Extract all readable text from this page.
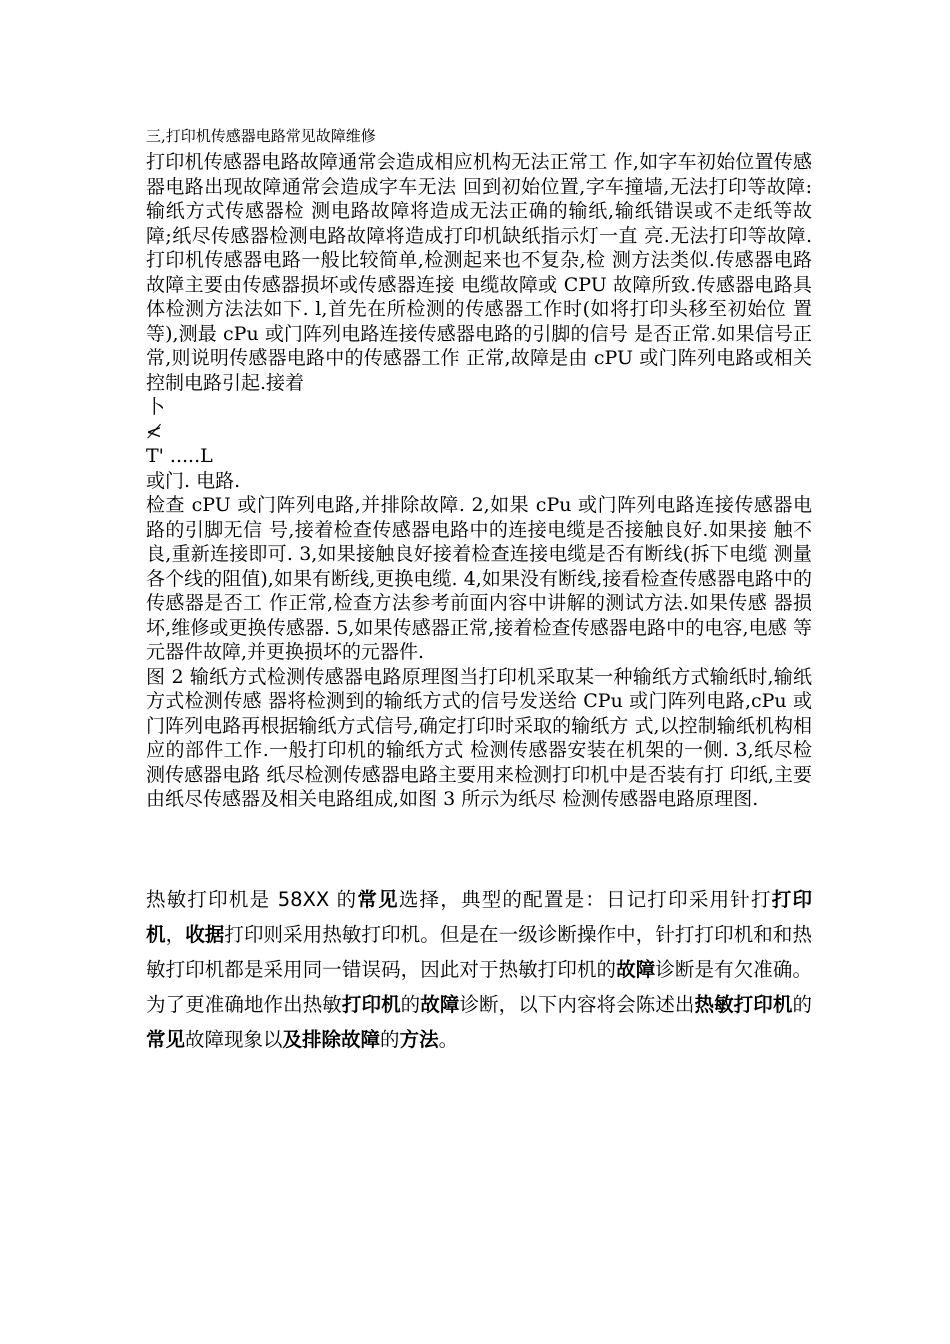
三,打印机传感器电路常见故障维修

打印机传感器电路故障通常会造成相应机构无法正常工 作,如字车初始位置传感器电路出现故障通常会造成字车无法 回到初始位置,字车撞墙,无法打印等故障:输纸方式传感器检 测电路故障将造成无法正确的输纸,输纸错误或不走纸等故 障;纸尽传感器检测电路故障将造成打印机缺纸指示灯一直 亮.无法打印等故障.打印机传感器电路一般比较简单,检测起来也不复杂,检 测方法类似.传感器电路故障主要由传感器损坏或传感器连接 电缆故障或 CPU 故障所致.传感器电路具体检测方法法如下. l,首先在所检测的传感器工作时(如将打印头移至初始位 置等),测最 cPu 或门阵列电路连接传感器电路的引脚的信号 是否正常.如果信号正常,则说明传感器电路中的传感器工作 正常,故障是由 cPU 或门阵列电路或相关控制电路引起.接着

卜

≮

T' .....L

或门. 电路.

检查 cPU 或门阵列电路,并排除故障. 2,如果 cPu 或门阵列电路连接传感器电路的引脚无信 号,接着检查传感器电路中的连接电缆是否接触良好.如果接 触不良,重新连接即可. 3,如果接触良好接着检查连接电缆是否有断线(拆下电缆 测量各个线的阻值),如果有断线,更换电缆. 4,如果没有断线,接看检查传感器电路中的传感器是否工 作正常,检查方法参考前面内容中讲解的测试方法.如果传感 器损坏,维修或更换传感器. 5,如果传感器正常,接着检查传感器电路中的电容,电感 等元器件故障,并更换损坏的元器件.

图 2 输纸方式检测传感器电路原理图当打印机采取某一种输纸方式输纸时,输纸方式检测传感 器将检测到的输纸方式的信号发送给 CPu 或门阵列电路,cPu 或门阵列电路再根据输纸方式信号,确定打印时采取的输纸方 式,以控制输纸机构相应的部件工作.一般打印机的输纸方式 检测传感器安装在机架的一侧. 3,纸尽检测传感器电路 纸尽检测传感器电路主要用来检测打印机中是否装有打 印纸,主要由纸尽传感器及相关电路组成,如图 3 所示为纸尽 检测传感器电路原理图.

热敏打印机是 58XX 的常见选择，典型的配置是：日记打印采用针打打印机，收据打印则采用热敏打印机。但是在一级诊断操作中，针打打印机和和热敏打印机都是采用同一错误码，因此对于热敏打印机的故障诊断是有欠准确。为了更准确地作出热敏打印机的故障诊断，以下内容将会陈述出热敏打印机的常见故障现象以及排除故障的方法。
